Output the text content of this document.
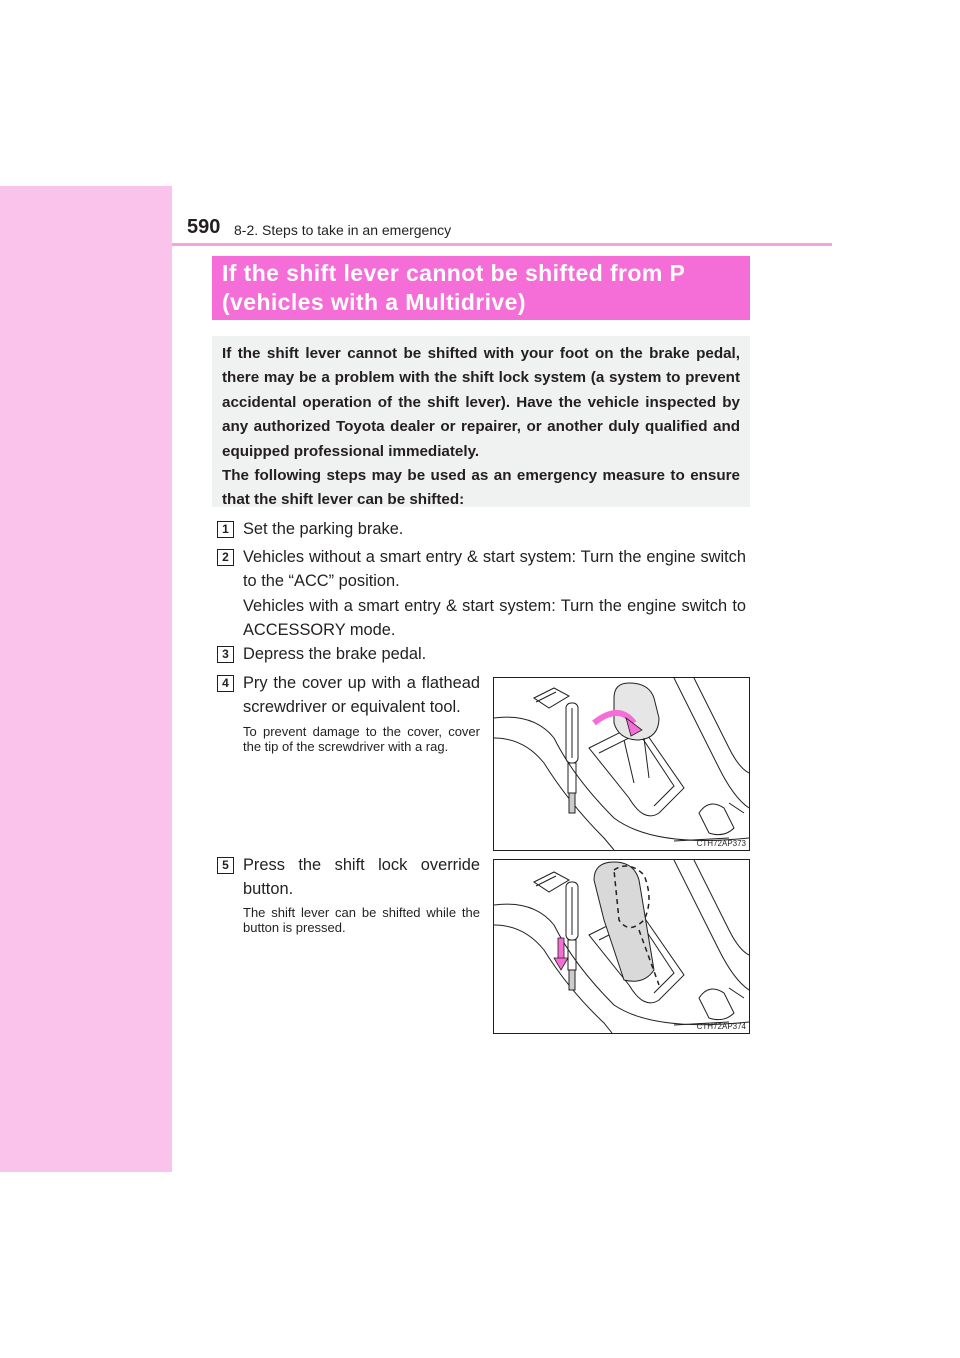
590 8-2. Steps to take in an emergency
If the shift lever cannot be shifted from P
(vehicles with a Multidrive)

If the shift lever cannot be shifted with your foot on the brake pedal, there may be a problem with the shift lock system (a system to prevent accidental operation of the shift lever). Have the vehicle inspected by any authorized Toyota dealer or repairer, or another duly qualified and equipped professional immediately.

The following steps may be used as an emergency measure to ensure that the shift lever can be shifted:

1 Set the parking brake.
2 Vehicles without a smart entry & start system: Turn the engine switch to the “ACC” position.
Vehicles with a smart entry & start system: Turn the engine switch to ACCESSORY mode.
3 Depress the brake pedal.
4 Pry the cover up with a flathead screwdriver or equivalent tool.
To prevent damage to the cover, cover the tip of the screwdriver with a rag.
CTH72AP373
5 Press the shift lock override button.
The shift lever can be shifted while the button is pressed.
CTH72AP374
